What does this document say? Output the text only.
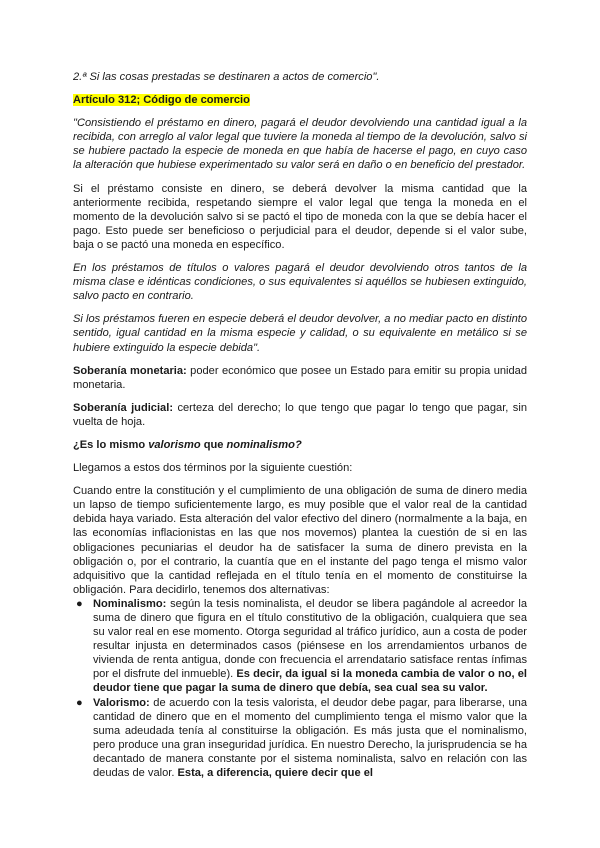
2.ª Si las cosas prestadas se destinaren a actos de comercio".

Artículo 312; Código de comercio

"Consistiendo el préstamo en dinero, pagará el deudor devolviendo una cantidad igual a la recibida, con arreglo al valor legal que tuviere la moneda al tiempo de la devolución, salvo si se hubiere pactado la especie de moneda en que había de hacerse el pago, en cuyo caso la alteración que hubiese experimentado su valor será en daño o en beneficio del prestador.

Si el préstamo consiste en dinero, se deberá devolver la misma cantidad que la anteriormente recibida, respetando siempre el valor legal que tenga la moneda en el momento de la devolución salvo si se pactó el tipo de moneda con la que se debía hacer el pago. Esto puede ser beneficioso o perjudicial para el deudor, depende si el valor sube, baja o se pactó una moneda en específico.

En los préstamos de títulos o valores pagará el deudor devolviendo otros tantos de la misma clase e idénticas condiciones, o sus equivalentes si aquéllos se hubiesen extinguido, salvo pacto en contrario.

Si los préstamos fueren en especie deberá el deudor devolver, a no mediar pacto en distinto sentido, igual cantidad en la misma especie y calidad, o su equivalente en metálico si se hubiere extinguido la especie debida".

Soberanía monetaria: poder económico que posee un Estado para emitir su propia unidad monetaria.

Soberanía judicial: certeza del derecho; lo que tengo que pagar lo tengo que pagar, sin vuelta de hoja.

¿Es lo mismo valorismo que nominalismo?

Llegamos a estos dos términos por la siguiente cuestión:

Cuando entre la constitución y el cumplimiento de una obligación de suma de dinero media un lapso de tiempo suficientemente largo, es muy posible que el valor real de la cantidad debida haya variado. Esta alteración del valor efectivo del dinero (normalmente a la baja, en las economías inflacionistas en las que nos movemos) plantea la cuestión de si en las obligaciones pecuniarias el deudor ha de satisfacer la suma de dinero prevista en la obligación o, por el contrario, la cuantía que en el instante del pago tenga el mismo valor adquisitivo que la cantidad reflejada en el título tenía en el momento de constituirse la obligación. Para decidirlo, tenemos dos alternativas:

● Nominalismo: según la tesis nominalista, el deudor se libera pagándole al acreedor la suma de dinero que figura en el título constitutivo de la obligación, cualquiera que sea su valor real en ese momento. Otorga seguridad al tráfico jurídico, aun a costa de poder resultar injusta en determinados casos (piénsese en los arrendamientos urbanos de vivienda de renta antigua, donde con frecuencia el arrendatario satisface rentas ínfimas por el disfrute del inmueble). Es decir, da igual si la moneda cambia de valor o no, el deudor tiene que pagar la suma de dinero que debía, sea cual sea su valor.
● Valorismo: de acuerdo con la tesis valorista, el deudor debe pagar, para liberarse, una cantidad de dinero que en el momento del cumplimiento tenga el mismo valor que la suma adeudada tenía al constituirse la obligación. Es más justa que el nominalismo, pero produce una gran inseguridad jurídica. En nuestro Derecho, la jurisprudencia se ha decantado de manera constante por el sistema nominalista, salvo en relación con las deudas de valor. Esta, a diferencia, quiere decir que el
